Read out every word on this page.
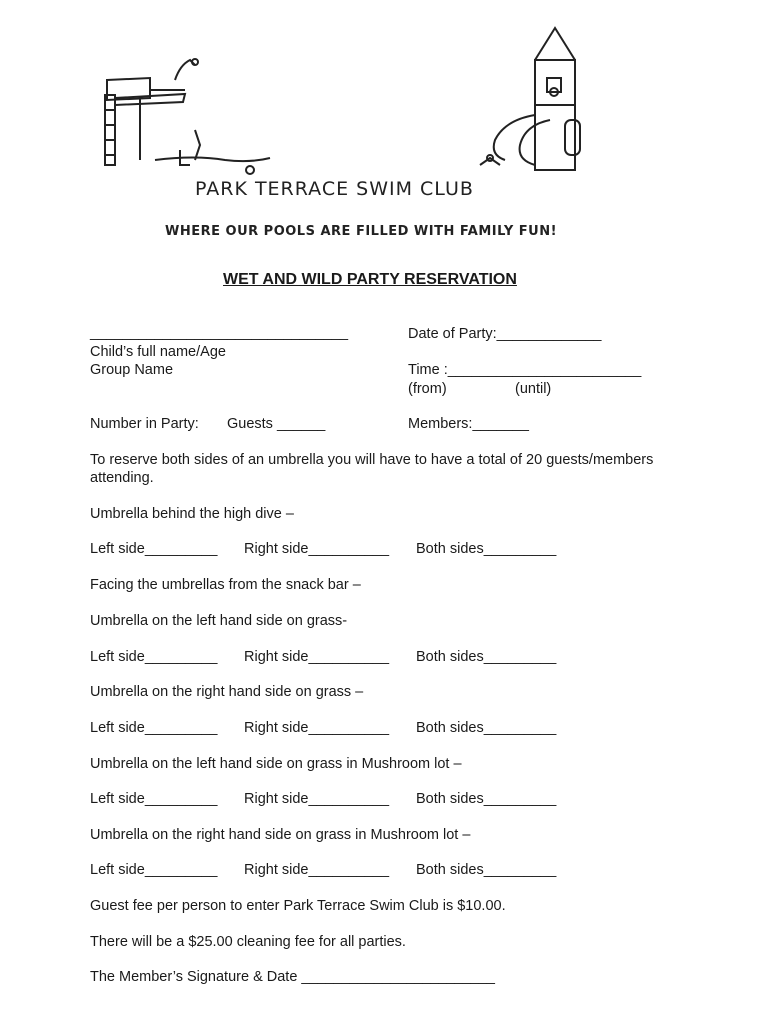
PARK TERRACE SWIM CLUB
WHERE OUR POOLS ARE FILLED WITH FAMILY FUN!
WET AND WILD PARTY RESERVATION
________________________________
Child’s full name/Age
Group Name
Date of Party:_____________
Time :________________________
(from)	(until)
Number in Party: Guests ______	Members:_______
To reserve both sides of an umbrella you will have to have a total of 20 guests/members
attending.
Umbrella behind the high dive –
Left side_________ Right side__________ Both sides_________
Facing the umbrellas from the snack bar –
Umbrella on the left hand side on grass-
Left side_________ Right side__________ Both sides_________
Umbrella on the right hand side on grass –
Left side_________ Right side__________ Both sides_________
Umbrella on the left hand side on grass in Mushroom lot –
Left side_________ Right side__________ Both sides_________
Umbrella on the right hand side on grass in Mushroom lot –
Left side_________ Right side__________ Both sides_________
Guest fee per person to enter Park Terrace Swim Club is $10.00.
There will be a $25.00 cleaning fee for all parties.
The Member’s Signature & Date ________________________
